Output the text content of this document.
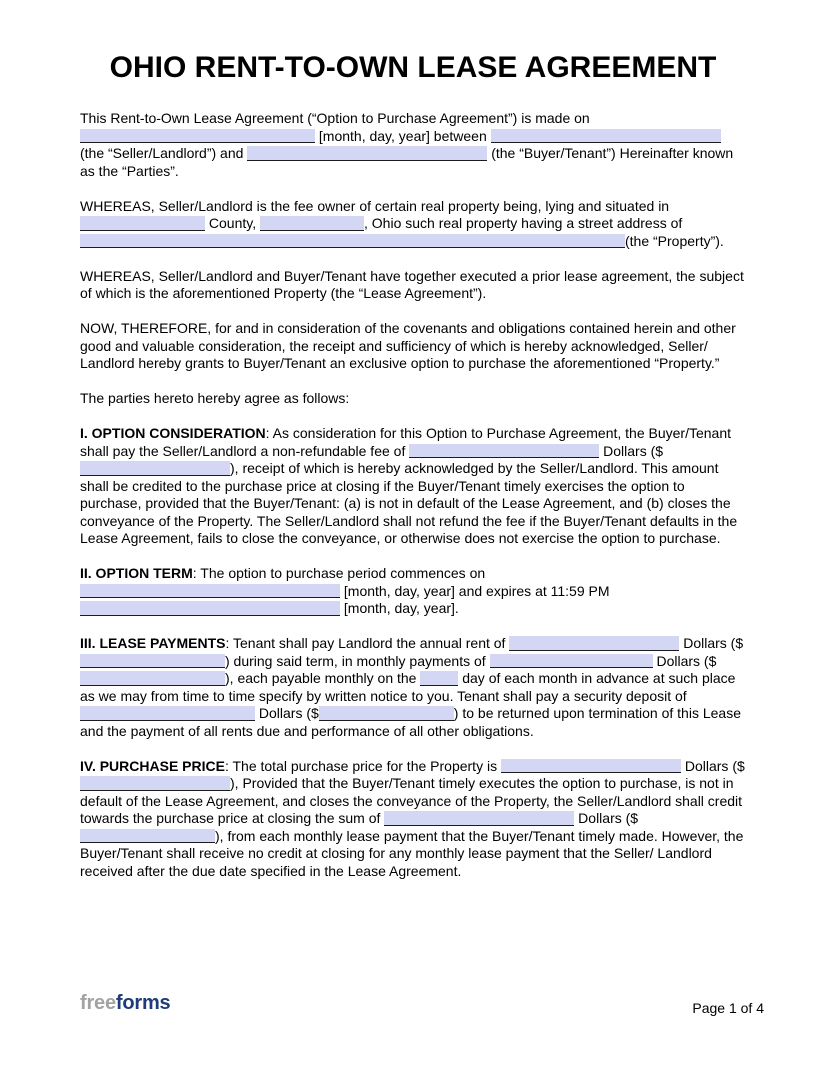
OHIO RENT-TO-OWN LEASE AGREEMENT

This Rent-to-Own Lease Agreement (“Option to Purchase Agreement”) is made on  [month, day, year] between  (the “Seller/Landlord”) and	(the “Buyer/Tenant”) Hereinafter known as the “Parties”.

WHEREAS, Seller/Landlord is the fee owner of certain real property being, lying and situated in  County,	, Ohio such real property having a street address of (the “Property”).

WHEREAS, Seller/Landlord and Buyer/Tenant have together executed a prior lease agreement, the subject of which is the aforementioned Property (the “Lease Agreement”).

NOW, THEREFORE, for and in consideration of the covenants and obligations contained herein and other good and valuable consideration, the receipt and sufficiency of which is hereby acknowledged, Seller/ Landlord hereby grants to Buyer/Tenant an exclusive option to purchase the aforementioned “Property.”

The parties hereto hereby agree as follows:

I. OPTION CONSIDERATION: As consideration for this Option to Purchase Agreement, the Buyer/Tenant shall pay the Seller/Landlord a non-refundable fee of	Dollars ($), receipt of which is hereby acknowledged by the Seller/Landlord. This amount shall be credited to the purchase price at closing if the Buyer/Tenant timely exercises the option to purchase, provided that the Buyer/Tenant: (a) is not in default of the Lease Agreement, and (b) closes the conveyance of the Property. The Seller/Landlord shall not refund the fee if the Buyer/Tenant defaults in the Lease Agreement, fails to close the conveyance, or otherwise does not exercise the option to purchase.

II. OPTION TERM: The option to purchase period commences on  [month, day, year] and expires at 11:59 PM  [month, day, year].

III. LEASE PAYMENTS: Tenant shall pay Landlord the annual rent of	Dollars ($) during said term, in monthly payments of	Dollars ($), each payable monthly on the	day of each month in advance at such place as we may from time to time specify by written notice to you. Tenant shall pay a security deposit of  Dollars ($	) to be returned upon termination of this Lease and the payment of all rents due and performance of all other obligations.

IV. PURCHASE PRICE: The total purchase price for the Property is	Dollars ($), Provided that the Buyer/Tenant timely executes the option to purchase, is not in default of the Lease Agreement, and closes the conveyance of the Property, the Seller/Landlord shall credit towards the purchase price at closing the sum of	Dollars ($), from each monthly lease payment that the Buyer/Tenant timely made. However, the Buyer/Tenant shall receive no credit at closing for any monthly lease payment that the Seller/ Landlord received after the due date specified in the Lease Agreement.

freeforms	Page 1 of 4
